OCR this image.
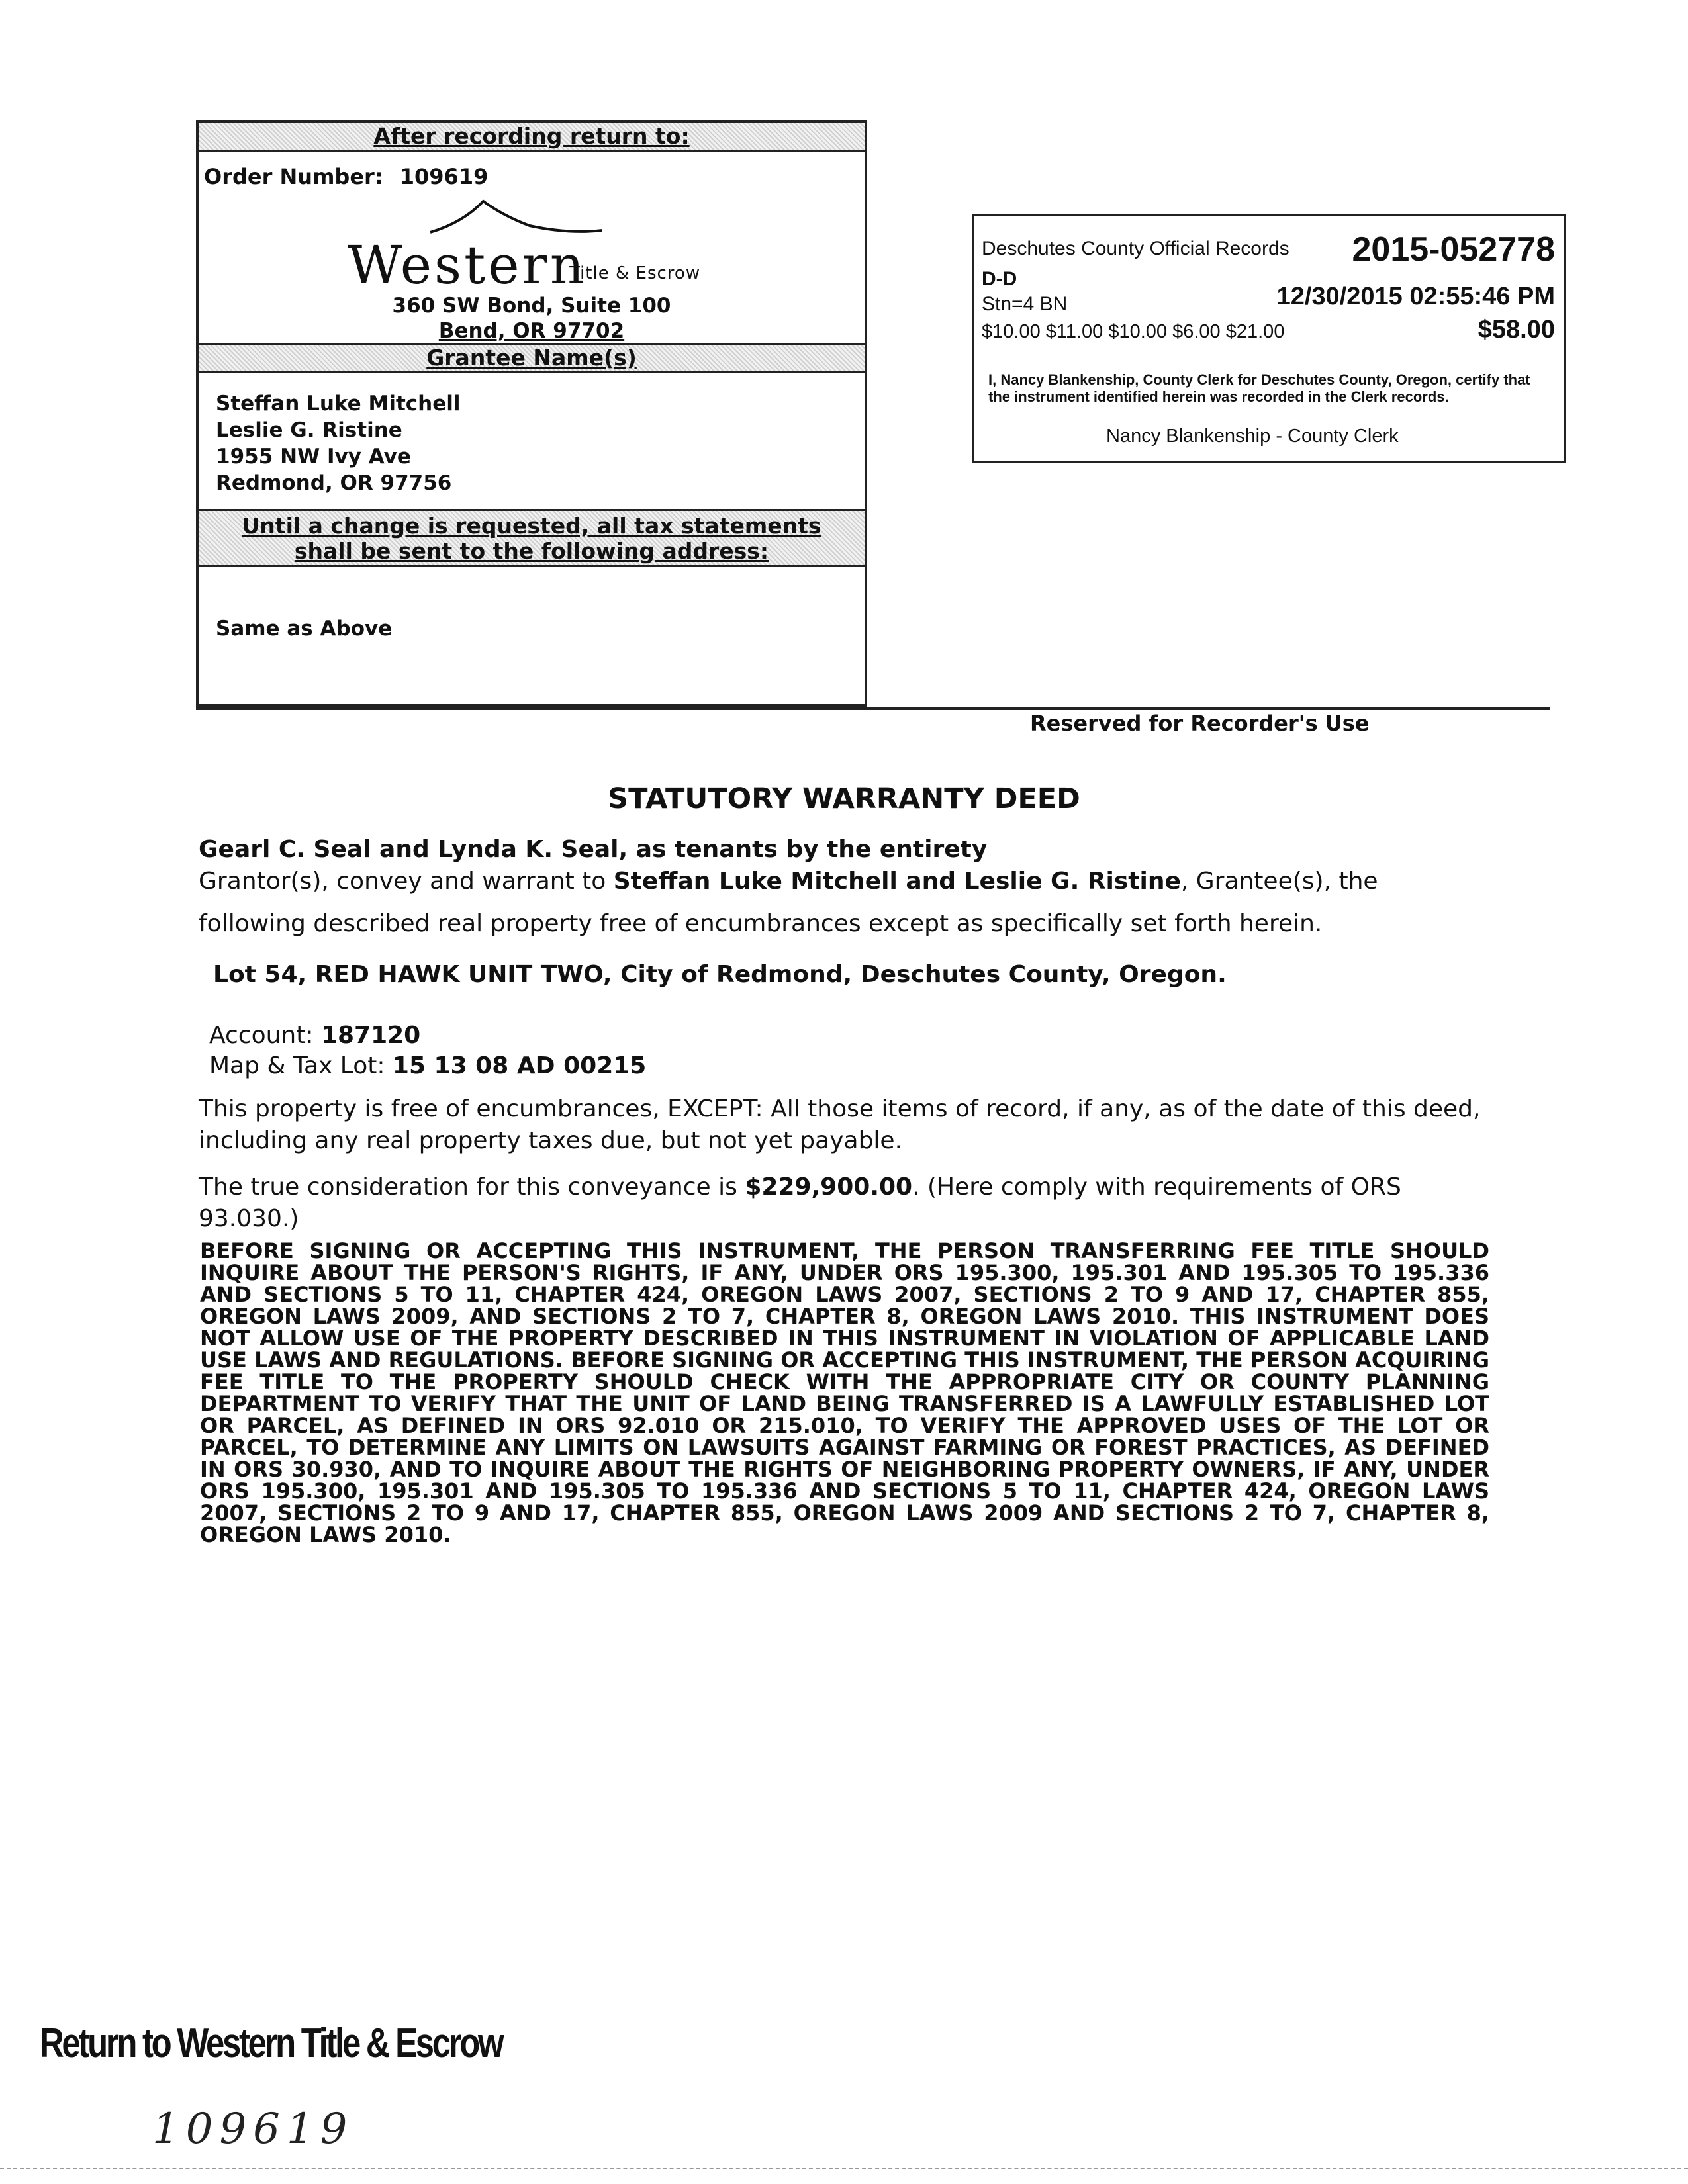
After recording return to:
Order Number: 109619
Western
Title & Escrow
360 SW Bond, Suite 100
Bend, OR 97702
Grantee Name(s)
Steffan Luke Mitchell
Leslie G. Ristine
1955 NW Ivy Ave
Redmond, OR 97756
Until a change is requested, all tax statements
shall be sent to the following address:
Same as Above
Deschutes County Official Records 2015-052778
D-D
Stn=4 BN	12/30/2015 02:55:46 PM
$10.00 $11.00 $10.00 $6.00 $21.00	$58.00
I, Nancy Blankenship, County Clerk for Deschutes County, Oregon, certify that the instrument identified herein was recorded in the Clerk records.
Nancy Blankenship - County Clerk
Reserved for Recorder's Use
STATUTORY WARRANTY DEED
Gearl C. Seal and Lynda K. Seal, as tenants by the entirety
Grantor(s), convey and warrant to Steffan Luke Mitchell and Leslie G. Ristine, Grantee(s), the following described real property free of encumbrances except as specifically set forth herein.
Lot 54, RED HAWK UNIT TWO, City of Redmond, Deschutes County, Oregon.
Account: 187120
Map & Tax Lot: 15 13 08 AD 00215
This property is free of encumbrances, EXCEPT: All those items of record, if any, as of the date of this deed, including any real property taxes due, but not yet payable.
The true consideration for this conveyance is $229,900.00. (Here comply with requirements of ORS 93.030.)
BEFORE SIGNING OR ACCEPTING THIS INSTRUMENT, THE PERSON TRANSFERRING FEE TITLE SHOULD INQUIRE ABOUT THE PERSON'S RIGHTS, IF ANY, UNDER ORS 195.300, 195.301 AND 195.305 TO 195.336 AND SECTIONS 5 TO 11, CHAPTER 424, OREGON LAWS 2007, SECTIONS 2 TO 9 AND 17, CHAPTER 855, OREGON LAWS 2009, AND SECTIONS 2 TO 7, CHAPTER 8, OREGON LAWS 2010. THIS INSTRUMENT DOES NOT ALLOW USE OF THE PROPERTY DESCRIBED IN THIS INSTRUMENT IN VIOLATION OF APPLICABLE LAND USE LAWS AND REGULATIONS. BEFORE SIGNING OR ACCEPTING THIS INSTRUMENT, THE PERSON ACQUIRING FEE TITLE TO THE PROPERTY SHOULD CHECK WITH THE APPROPRIATE CITY OR COUNTY PLANNING DEPARTMENT TO VERIFY THAT THE UNIT OF LAND BEING TRANSFERRED IS A LAWFULLY ESTABLISHED LOT OR PARCEL, AS DEFINED IN ORS 92.010 OR 215.010, TO VERIFY THE APPROVED USES OF THE LOT OR PARCEL, TO DETERMINE ANY LIMITS ON LAWSUITS AGAINST FARMING OR FOREST PRACTICES, AS DEFINED IN ORS 30.930, AND TO INQUIRE ABOUT THE RIGHTS OF NEIGHBORING PROPERTY OWNERS, IF ANY, UNDER ORS 195.300, 195.301 AND 195.305 TO 195.336 AND SECTIONS 5 TO 11, CHAPTER 424, OREGON LAWS 2007, SECTIONS 2 TO 9 AND 17, CHAPTER 855, OREGON LAWS 2009 AND SECTIONS 2 TO 7, CHAPTER 8, OREGON LAWS 2010.
Return to Western Title & Escrow
109619
